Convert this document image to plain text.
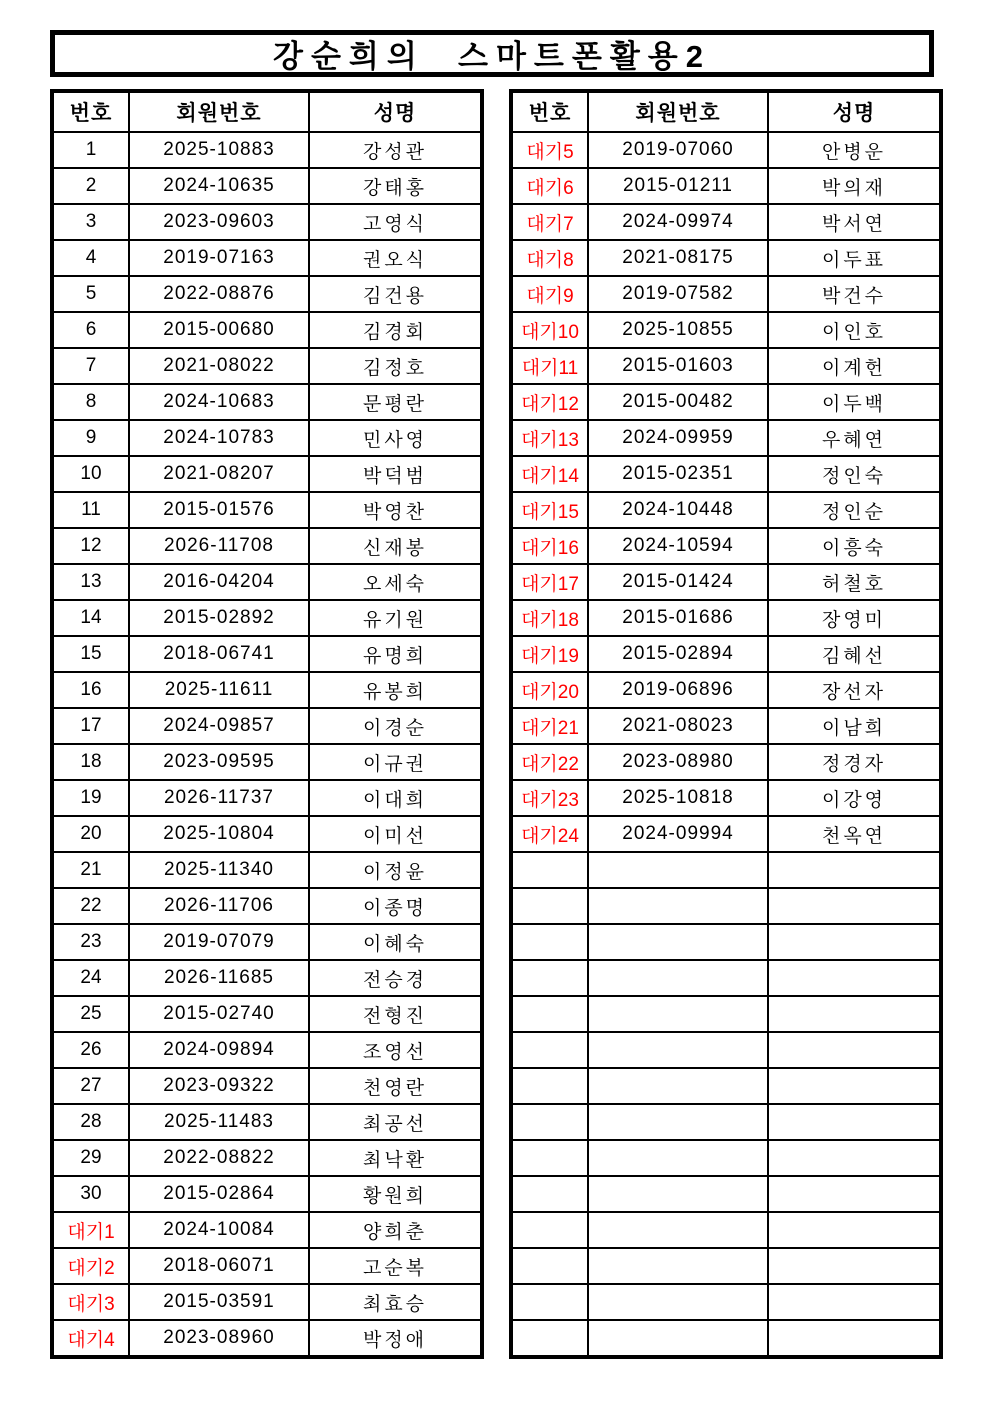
강순희의  스마트폰활용2
번호	회원번호	성명
1	2025-10883	강성관
2	2024-10635	강태홍
3	2023-09603	고영식
4	2019-07163	권오식
5	2022-08876	김건용
6	2015-00680	김경회
7	2021-08022	김정호
8	2024-10683	문평란
9	2024-10783	민사영
10	2021-08207	박덕범
11	2015-01576	박영찬
12	2026-11708	신재봉
13	2016-04204	오세숙
14	2015-02892	유기원
15	2018-06741	유명희
16	2025-11611	유봉희
17	2024-09857	이경순
18	2023-09595	이규권
19	2026-11737	이대희
20	2025-10804	이미선
21	2025-11340	이정윤
22	2026-11706	이종명
23	2019-07079	이혜숙
24	2026-11685	전승경
25	2015-02740	전형진
26	2024-09894	조영선
27	2023-09322	천영란
28	2025-11483	최공선
29	2022-08822	최낙환
30	2015-02864	황원희
대기1	2024-10084	양희춘
대기2	2018-06071	고순복
대기3	2015-03591	최효승
대기4	2023-08960	박정애
번호	회원번호	성명
대기5	2019-07060	안병운
대기6	2015-01211	박의재
대기7	2024-09974	박서연
대기8	2021-08175	이두표
대기9	2019-07582	박건수
대기10	2025-10855	이인호
대기11	2015-01603	이계헌
대기12	2015-00482	이두백
대기13	2024-09959	우혜연
대기14	2015-02351	정인숙
대기15	2024-10448	정인순
대기16	2024-10594	이흥숙
대기17	2015-01424	허철호
대기18	2015-01686	장영미
대기19	2015-02894	김혜선
대기20	2019-06896	장선자
대기21	2021-08023	이남희
대기22	2023-08980	정경자
대기23	2025-10818	이강영
대기24	2024-09994	천옥연
